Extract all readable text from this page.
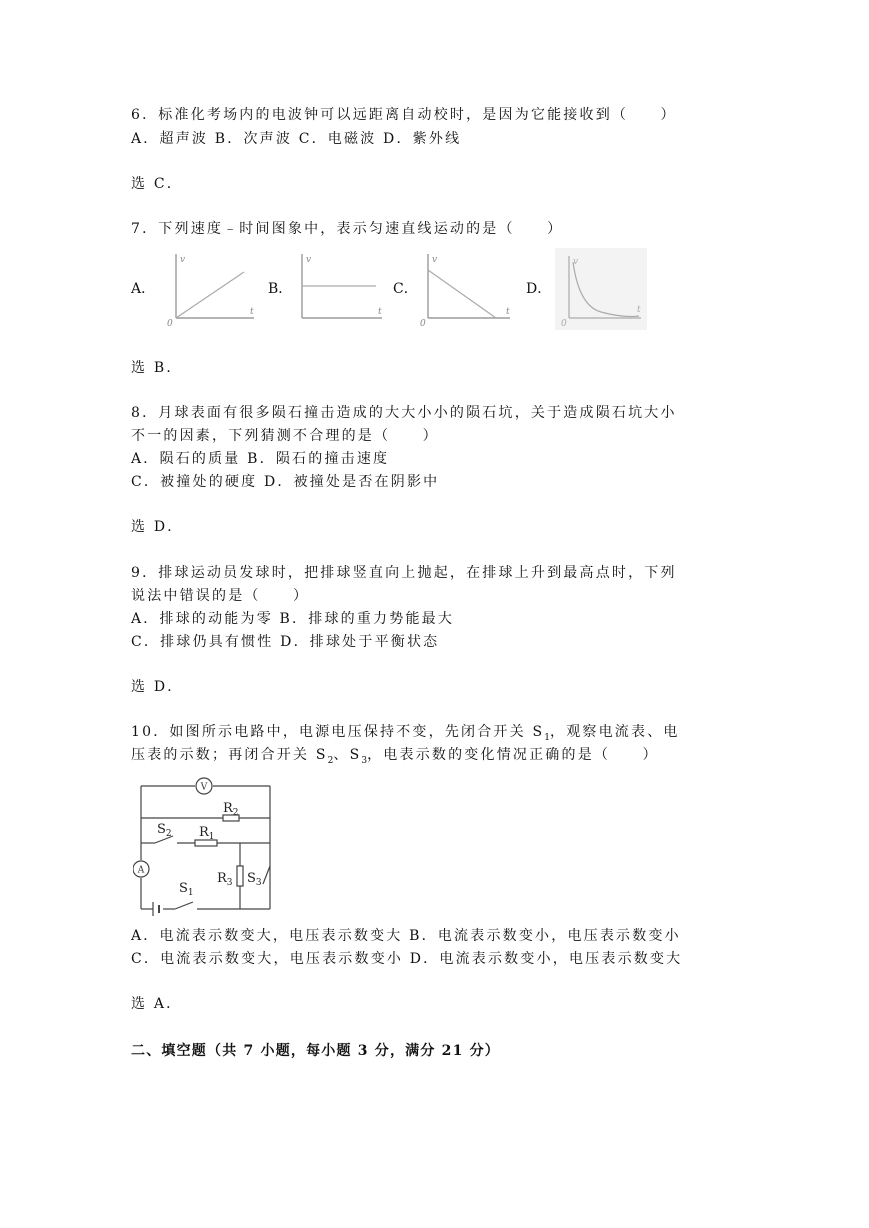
6．标准化考场内的电波钟可以远距离自动校时，是因为它能接收到（　　）
A．超声波 B．次声波 C．电磁波 D．紫外线
选 C．
7．下列速度﹣时间图象中，表示匀速直线运动的是（　　）
A．	B．	C．	D．
v
t
0
v
t
v
t
0
v
t
0
选 B．
8．月球表面有很多陨石撞击造成的大大小小的陨石坑，关于造成陨石坑大小
不一的因素，下列猜测不合理的是（　　）
A．陨石的质量 B．陨石的撞击速度
C．被撞处的硬度 D．被撞处是否在阴影中
选 D．
9．排球运动员发球时，把排球竖直向上抛起，在排球上升到最高点时，下列
说法中错误的是（　　）
A．排球的动能为零 B．排球的重力势能最大
C．排球仍具有惯性 D．排球处于平衡状态
选 D．
10．如图所示电路中，电源电压保持不变，先闭合开关 $S_1$，观察电流表、电
压表的示数；再闭合开关 $S_2$、$S_3$，电表示数的变化情况正确的是（　　）
V
A
$R_2$
$R_1$
$S_2$
$R_3$ $S_3$
$S_1$
A．电流表示数变大，电压表示数变大 B．电流表示数变小，电压表示数变小
C．电流表示数变大，电压表示数变小 D．电流表示数变小，电压表示数变大
选 A．
二、填空题（共 7 小题，每小题 3 分，满分 21 分）
